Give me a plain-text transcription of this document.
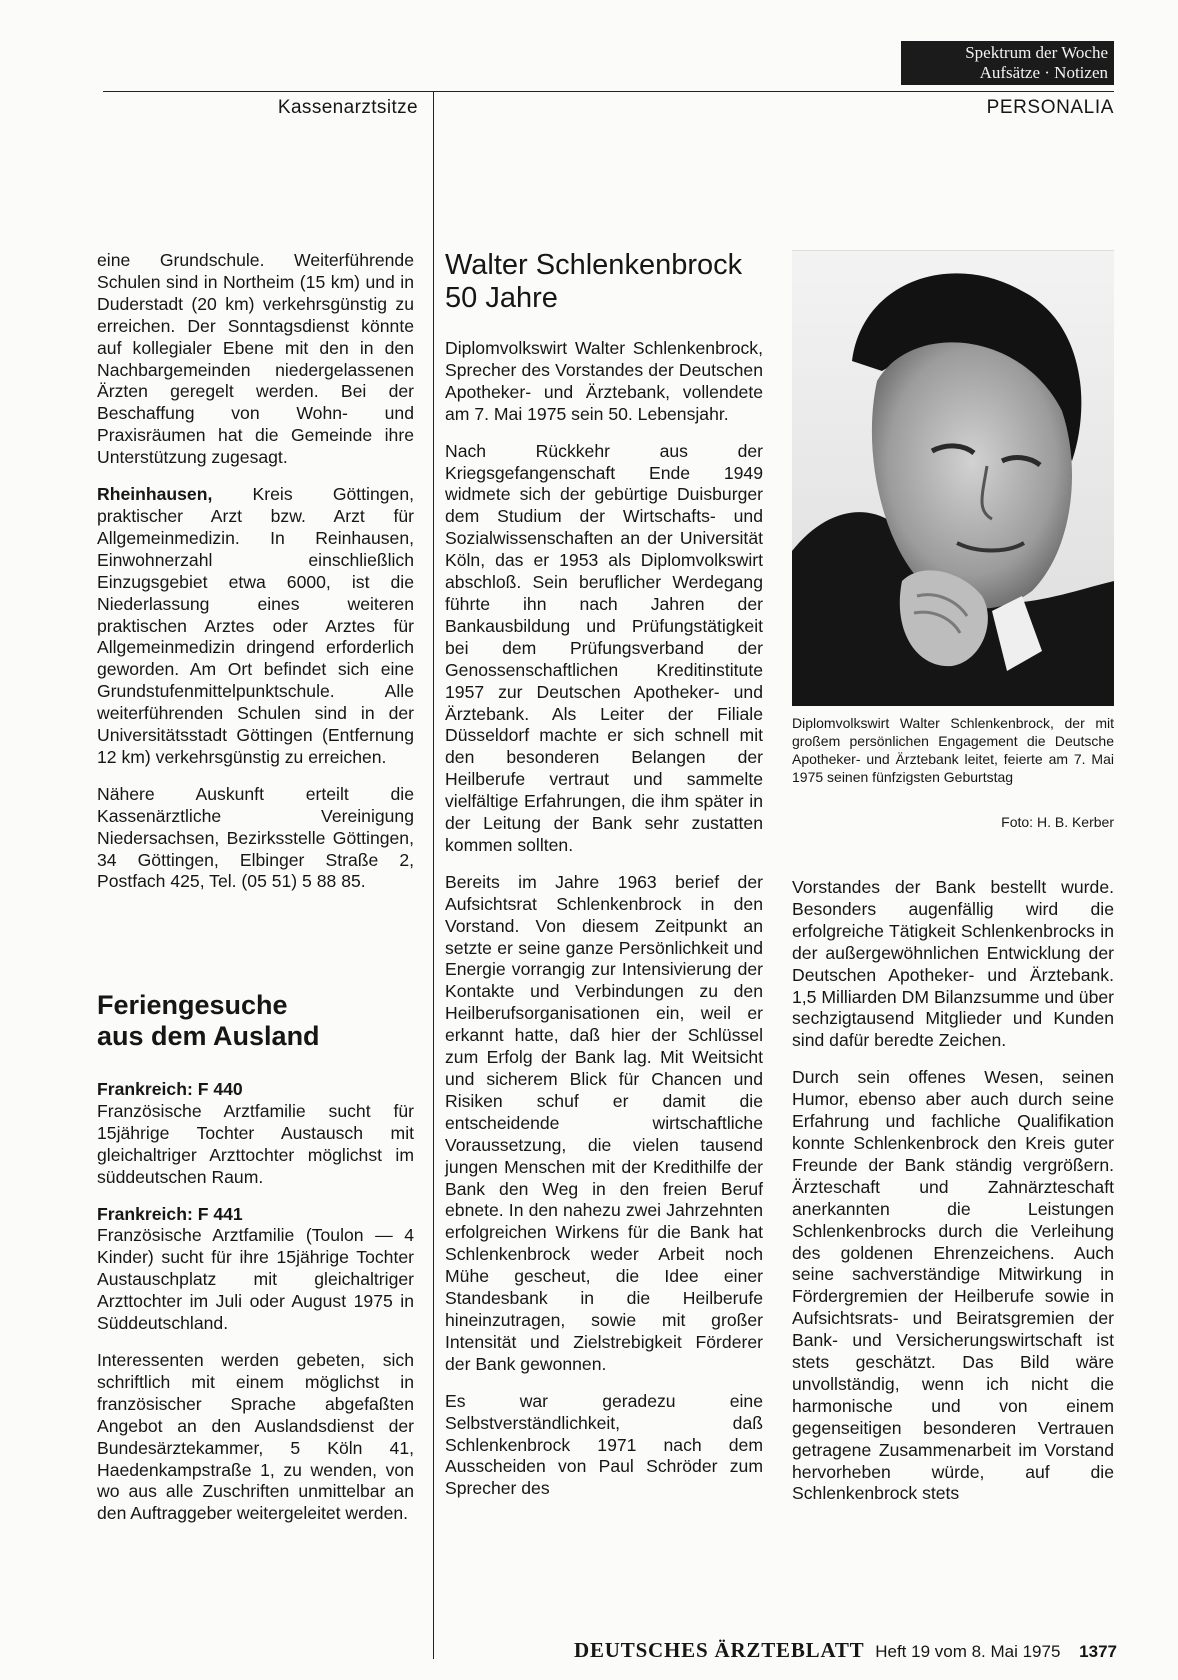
Spektrum der Woche
Aufsätze · Notizen
Kassenarztsitze	PERSONALIA

eine Grundschule. Weiterführende Schulen sind in Northeim (15 km) und in Duderstadt (20 km) verkehrsgünstig zu erreichen. Der Sonntagsdienst könnte auf kollegialer Ebene mit den in den Nachbargemeinden niedergelassenen Ärzten geregelt werden. Bei der Beschaffung von Wohn- und Praxisräumen hat die Gemeinde ihre Unterstützung zugesagt.

Rheinhausen, Kreis Göttingen, praktischer Arzt bzw. Arzt für Allgemeinmedizin. In Reinhausen, Einwohnerzahl einschließlich Einzugsgebiet etwa 6000, ist die Niederlassung eines weiteren praktischen Arztes oder Arztes für Allgemeinmedizin dringend erforderlich geworden. Am Ort befindet sich eine Grundstufenmittelpunktschule. Alle weiterführenden Schulen sind in der Universitätsstadt Göttingen (Entfernung 12 km) verkehrsgünstig zu erreichen.

Nähere Auskunft erteilt die Kassenärztliche Vereinigung Niedersachsen, Bezirksstelle Göttingen, 34 Göttingen, Elbinger Straße 2, Postfach 425, Tel. (05 51) 5 88 85.

Feriengesuche
aus dem Ausland

Frankreich: F 440
Französische Arztfamilie sucht für 15jährige Tochter Austausch mit gleichaltriger Arzttochter möglichst im süddeutschen Raum.

Frankreich: F 441
Französische Arztfamilie (Toulon — 4 Kinder) sucht für ihre 15jährige Tochter Austauschplatz mit gleichaltriger Arzttochter im Juli oder August 1975 in Süddeutschland.

Interessenten werden gebeten, sich schriftlich mit einem möglichst in französischer Sprache abgefaßten Angebot an den Auslandsdienst der Bundesärztekammer, 5 Köln 41, Haedenkampstraße 1, zu wenden, von wo aus alle Zuschriften unmittelbar an den Auftraggeber weitergeleitet werden.

Walter Schlenkenbrock
50 Jahre

Diplomvolkswirt Walter Schlenkenbrock, Sprecher des Vorstandes der Deutschen Apotheker- und Ärztebank, vollendete am 7. Mai 1975 sein 50. Lebensjahr.

Nach Rückkehr aus der Kriegsgefangenschaft Ende 1949 widmete sich der gebürtige Duisburger dem Studium der Wirtschafts- und Sozialwissenschaften an der Universität Köln, das er 1953 als Diplomvolkswirt abschloß. Sein beruflicher Werdegang führte ihn nach Jahren der Bankausbildung und Prüfungstätigkeit bei dem Prüfungsverband der Genossenschaftlichen Kreditinstitute 1957 zur Deutschen Apotheker- und Ärztebank. Als Leiter der Filiale Düsseldorf machte er sich schnell mit den besonderen Belangen der Heilberufe vertraut und sammelte vielfältige Erfahrungen, die ihm später in der Leitung der Bank sehr zustatten kommen sollten.

Bereits im Jahre 1963 berief der Aufsichtsrat Schlenkenbrock in den Vorstand. Von diesem Zeitpunkt an setzte er seine ganze Persönlichkeit und Energie vorrangig zur Intensivierung der Kontakte und Verbindungen zu den Heilberufsorganisationen ein, weil er erkannt hatte, daß hier der Schlüssel zum Erfolg der Bank lag. Mit Weitsicht und sicherem Blick für Chancen und Risiken schuf er damit die entscheidende wirtschaftliche Voraussetzung, die vielen tausend jungen Menschen mit der Kredithilfe der Bank den Weg in den freien Beruf ebnete. In den nahezu zwei Jahrzehnten erfolgreichen Wirkens für die Bank hat Schlenkenbrock weder Arbeit noch Mühe gescheut, die Idee einer Standesbank in die Heilberufe hineinzutragen, sowie mit großer Intensität und Zielstrebigkeit Förderer der Bank gewonnen.

Es war geradezu eine Selbstverständlichkeit, daß Schlenkenbrock 1971 nach dem Ausscheiden von Paul Schröder zum Sprecher des

Diplomvolkswirt Walter Schlenkenbrock, der mit großem persönlichen Engagement die Deutsche Apotheker- und Ärztebank leitet, feierte am 7. Mai 1975 seinen fünfzigsten Geburtstag
Foto: H. B. Kerber

Vorstandes der Bank bestellt wurde. Besonders augenfällig wird die erfolgreiche Tätigkeit Schlenkenbrocks in der außergewöhnlichen Entwicklung der Deutschen Apotheker- und Ärztebank. 1,5 Milliarden DM Bilanzsumme und über sechzigtausend Mitglieder und Kunden sind dafür beredte Zeichen.

Durch sein offenes Wesen, seinen Humor, ebenso aber auch durch seine Erfahrung und fachliche Qualifikation konnte Schlenkenbrock den Kreis guter Freunde der Bank ständig vergrößern. Ärzteschaft und Zahnärzteschaft anerkannten die Leistungen Schlenkenbrocks durch die Verleihung des goldenen Ehrenzeichens. Auch seine sachverständige Mitwirkung in Fördergremien der Heilberufe sowie in Aufsichtsrats- und Beiratsgremien der Bank- und Versicherungswirtschaft ist stets geschätzt. Das Bild wäre unvollständig, wenn ich nicht die harmonische und von einem gegenseitigen besonderen Vertrauen getragene Zusammenarbeit im Vorstand hervorheben würde, auf die Schlenkenbrock stets

DEUTSCHES ÄRZTEBLATT Heft 19 vom 8. Mai 1975 1377
